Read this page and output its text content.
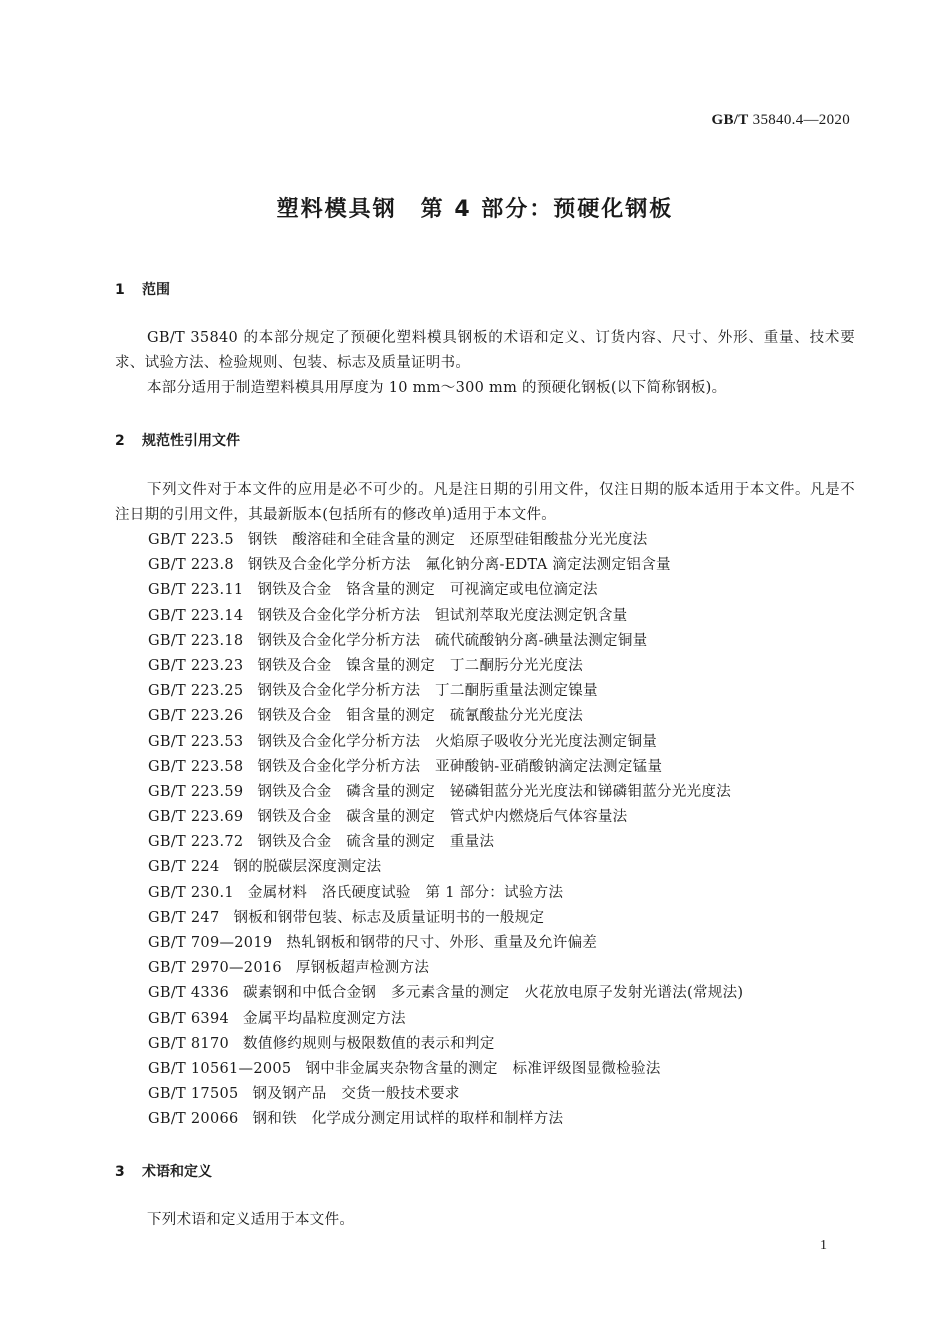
GB/T 35840.4—2020
塑料模具钢　第 4 部分：预硬化钢板
1 范围
GB/T 35840 的本部分规定了预硬化塑料模具钢板的术语和定义、订货内容、尺寸、外形、重量、技术要求、试验方法、检验规则、包装、标志及质量证明书。
本部分适用于制造塑料模具用厚度为 10 mm～300 mm 的预硬化钢板(以下简称钢板)。
2 规范性引用文件
下列文件对于本文件的应用是必不可少的。凡是注日期的引用文件，仅注日期的版本适用于本文件。凡是不注日期的引用文件，其最新版本(包括所有的修改单)适用于本文件。
GB/T 223.5 钢铁　酸溶硅和全硅含量的测定　还原型硅钼酸盐分光光度法
GB/T 223.8 钢铁及合金化学分析方法　氟化钠分离-EDTA 滴定法测定铝含量
GB/T 223.11 钢铁及合金　铬含量的测定　可视滴定或电位滴定法
GB/T 223.14 钢铁及合金化学分析方法　钽试剂萃取光度法测定钒含量
GB/T 223.18 钢铁及合金化学分析方法　硫代硫酸钠分离-碘量法测定铜量
GB/T 223.23 钢铁及合金　镍含量的测定　丁二酮肟分光光度法
GB/T 223.25 钢铁及合金化学分析方法　丁二酮肟重量法测定镍量
GB/T 223.26 钢铁及合金　钼含量的测定　硫氰酸盐分光光度法
GB/T 223.53 钢铁及合金化学分析方法　火焰原子吸收分光光度法测定铜量
GB/T 223.58 钢铁及合金化学分析方法　亚砷酸钠-亚硝酸钠滴定法测定锰量
GB/T 223.59 钢铁及合金　磷含量的测定　铋磷钼蓝分光光度法和锑磷钼蓝分光光度法
GB/T 223.69 钢铁及合金　碳含量的测定　管式炉内燃烧后气体容量法
GB/T 223.72 钢铁及合金　硫含量的测定　重量法
GB/T 224 钢的脱碳层深度测定法
GB/T 230.1 金属材料　洛氏硬度试验　第 1 部分：试验方法
GB/T 247 钢板和钢带包装、标志及质量证明书的一般规定
GB/T 709—2019 热轧钢板和钢带的尺寸、外形、重量及允许偏差
GB/T 2970—2016 厚钢板超声检测方法
GB/T 4336 碳素钢和中低合金钢　多元素含量的测定　火花放电原子发射光谱法(常规法)
GB/T 6394 金属平均晶粒度测定方法
GB/T 8170 数值修约规则与极限数值的表示和判定
GB/T 10561—2005 钢中非金属夹杂物含量的测定　标准评级图显微检验法
GB/T 17505 钢及钢产品　交货一般技术要求
GB/T 20066 钢和铁　化学成分测定用试样的取样和制样方法
3 术语和定义
下列术语和定义适用于本文件。
1
